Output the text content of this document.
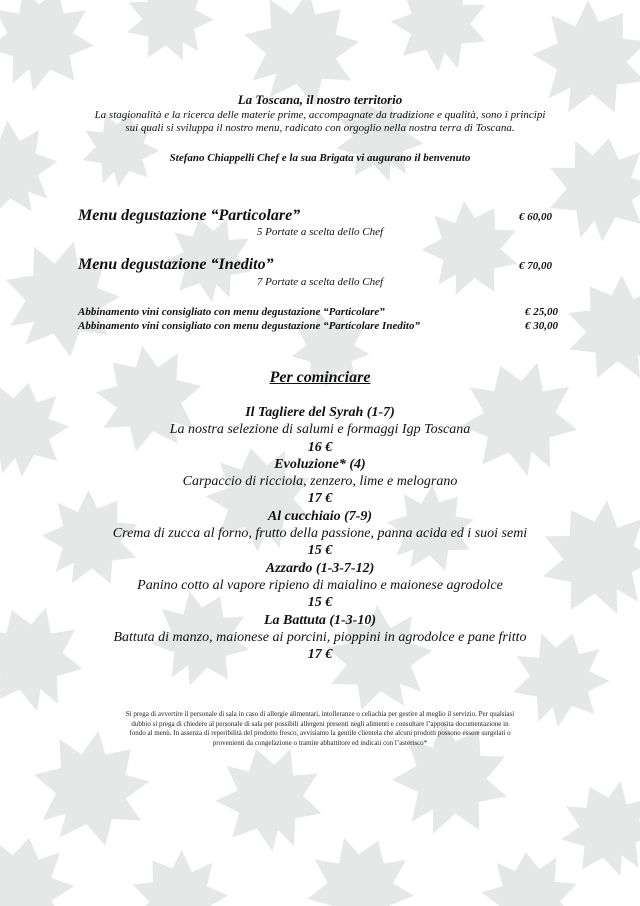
La Toscana, il nostro territorio
La stagionalità e la ricerca delle materie prime, accompagnate da tradizione e qualità, sono i principi
sui quali si sviluppa il nostro menu, radicato con orgoglio nella nostra terra di Toscana.
Stefano Chiappelli Chef e la sua Brigata vi augurano il benvenuto
Menu degustazione “Particolare”	€ 60,00
5 Portate a scelta dello Chef
Menu degustazione “Inedito”	€ 70,00
7 Portate a scelta dello Chef
Abbinamento vini consigliato con menu degustazione “Particolare”	€ 25,00
Abbinamento vini consigliato con menu degustazione “Particolare Inedito”	€ 30,00
Per cominciare
Il Tagliere del Syrah (1-7)
La nostra selezione di salumi e formaggi Igp Toscana
16 €
Evoluzione* (4)
Carpaccio di ricciola, zenzero, lime e melograno
17 €
Al cucchiaio (7-9)
Crema di zucca al forno, frutto della passione, panna acida ed i suoi semi
15 €
Azzardo (1-3-7-12)
Panino cotto al vapore ripieno di maialino e maionese agrodolce
15 €
La Battuta (1-3-10)
Battuta di manzo, maionese ai porcini, pioppini in agrodolce e pane fritto
17 €
Si prega di avvertire il personale di sala in caso di allergie alimentari, intolleranze o celiachia per gestire al meglio il servizio. Per qualsiasi
dubbio si prega di chiedere al personale di sala per possibili allergeni presenti negli alimenti e consultare l’apposita documentazione in
fondo al menù. In assenza di reperibilità del prodotto fresco, avvisiamo la gentile clientela che alcuni prodotti possono essere surgelati o
provenienti da congelazione o tramite abbattitore ed indicati con l’asterisco*
